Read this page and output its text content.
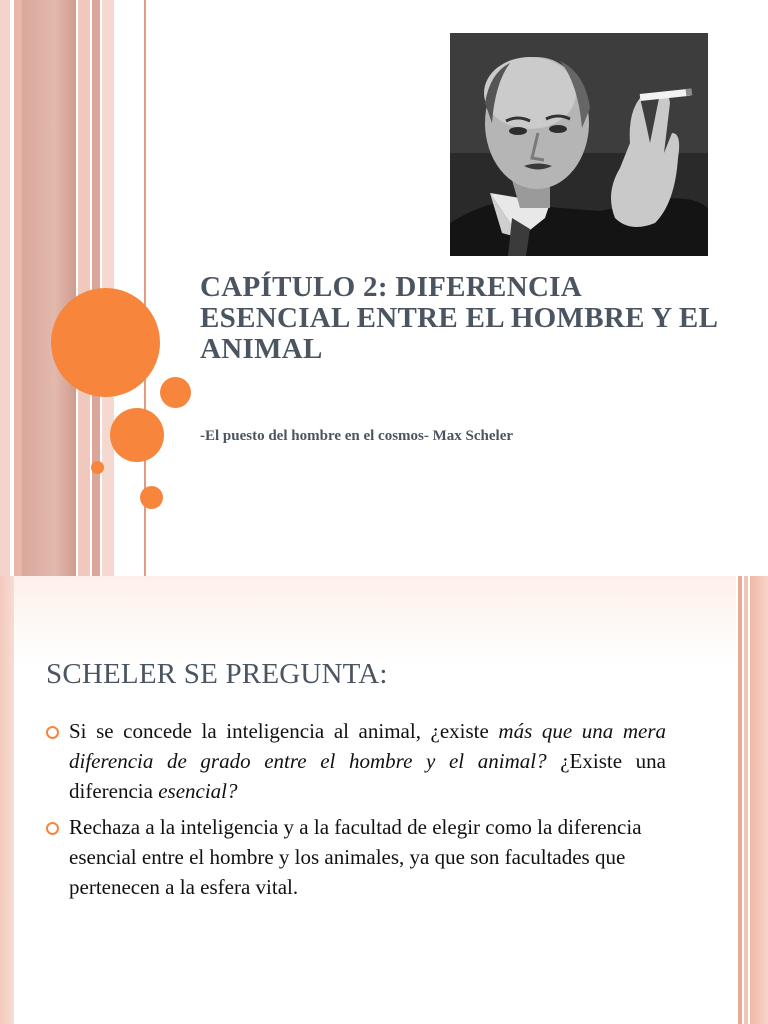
CAPÍTULO 2: DIFERENCIA ESENCIAL ENTRE EL HOMBRE Y EL ANIMAL

-El puesto del hombre en el cosmos- Max Scheler

SCHELER SE PREGUNTA:
Si se concede la inteligencia al animal, ¿existe más que una mera diferencia de grado entre el hombre y el animal? ¿Existe una diferencia esencial?
Rechaza a la inteligencia y a la facultad de elegir como la diferencia esencial entre el hombre y los animales, ya que son facultades que pertenecen a la esfera vital.
